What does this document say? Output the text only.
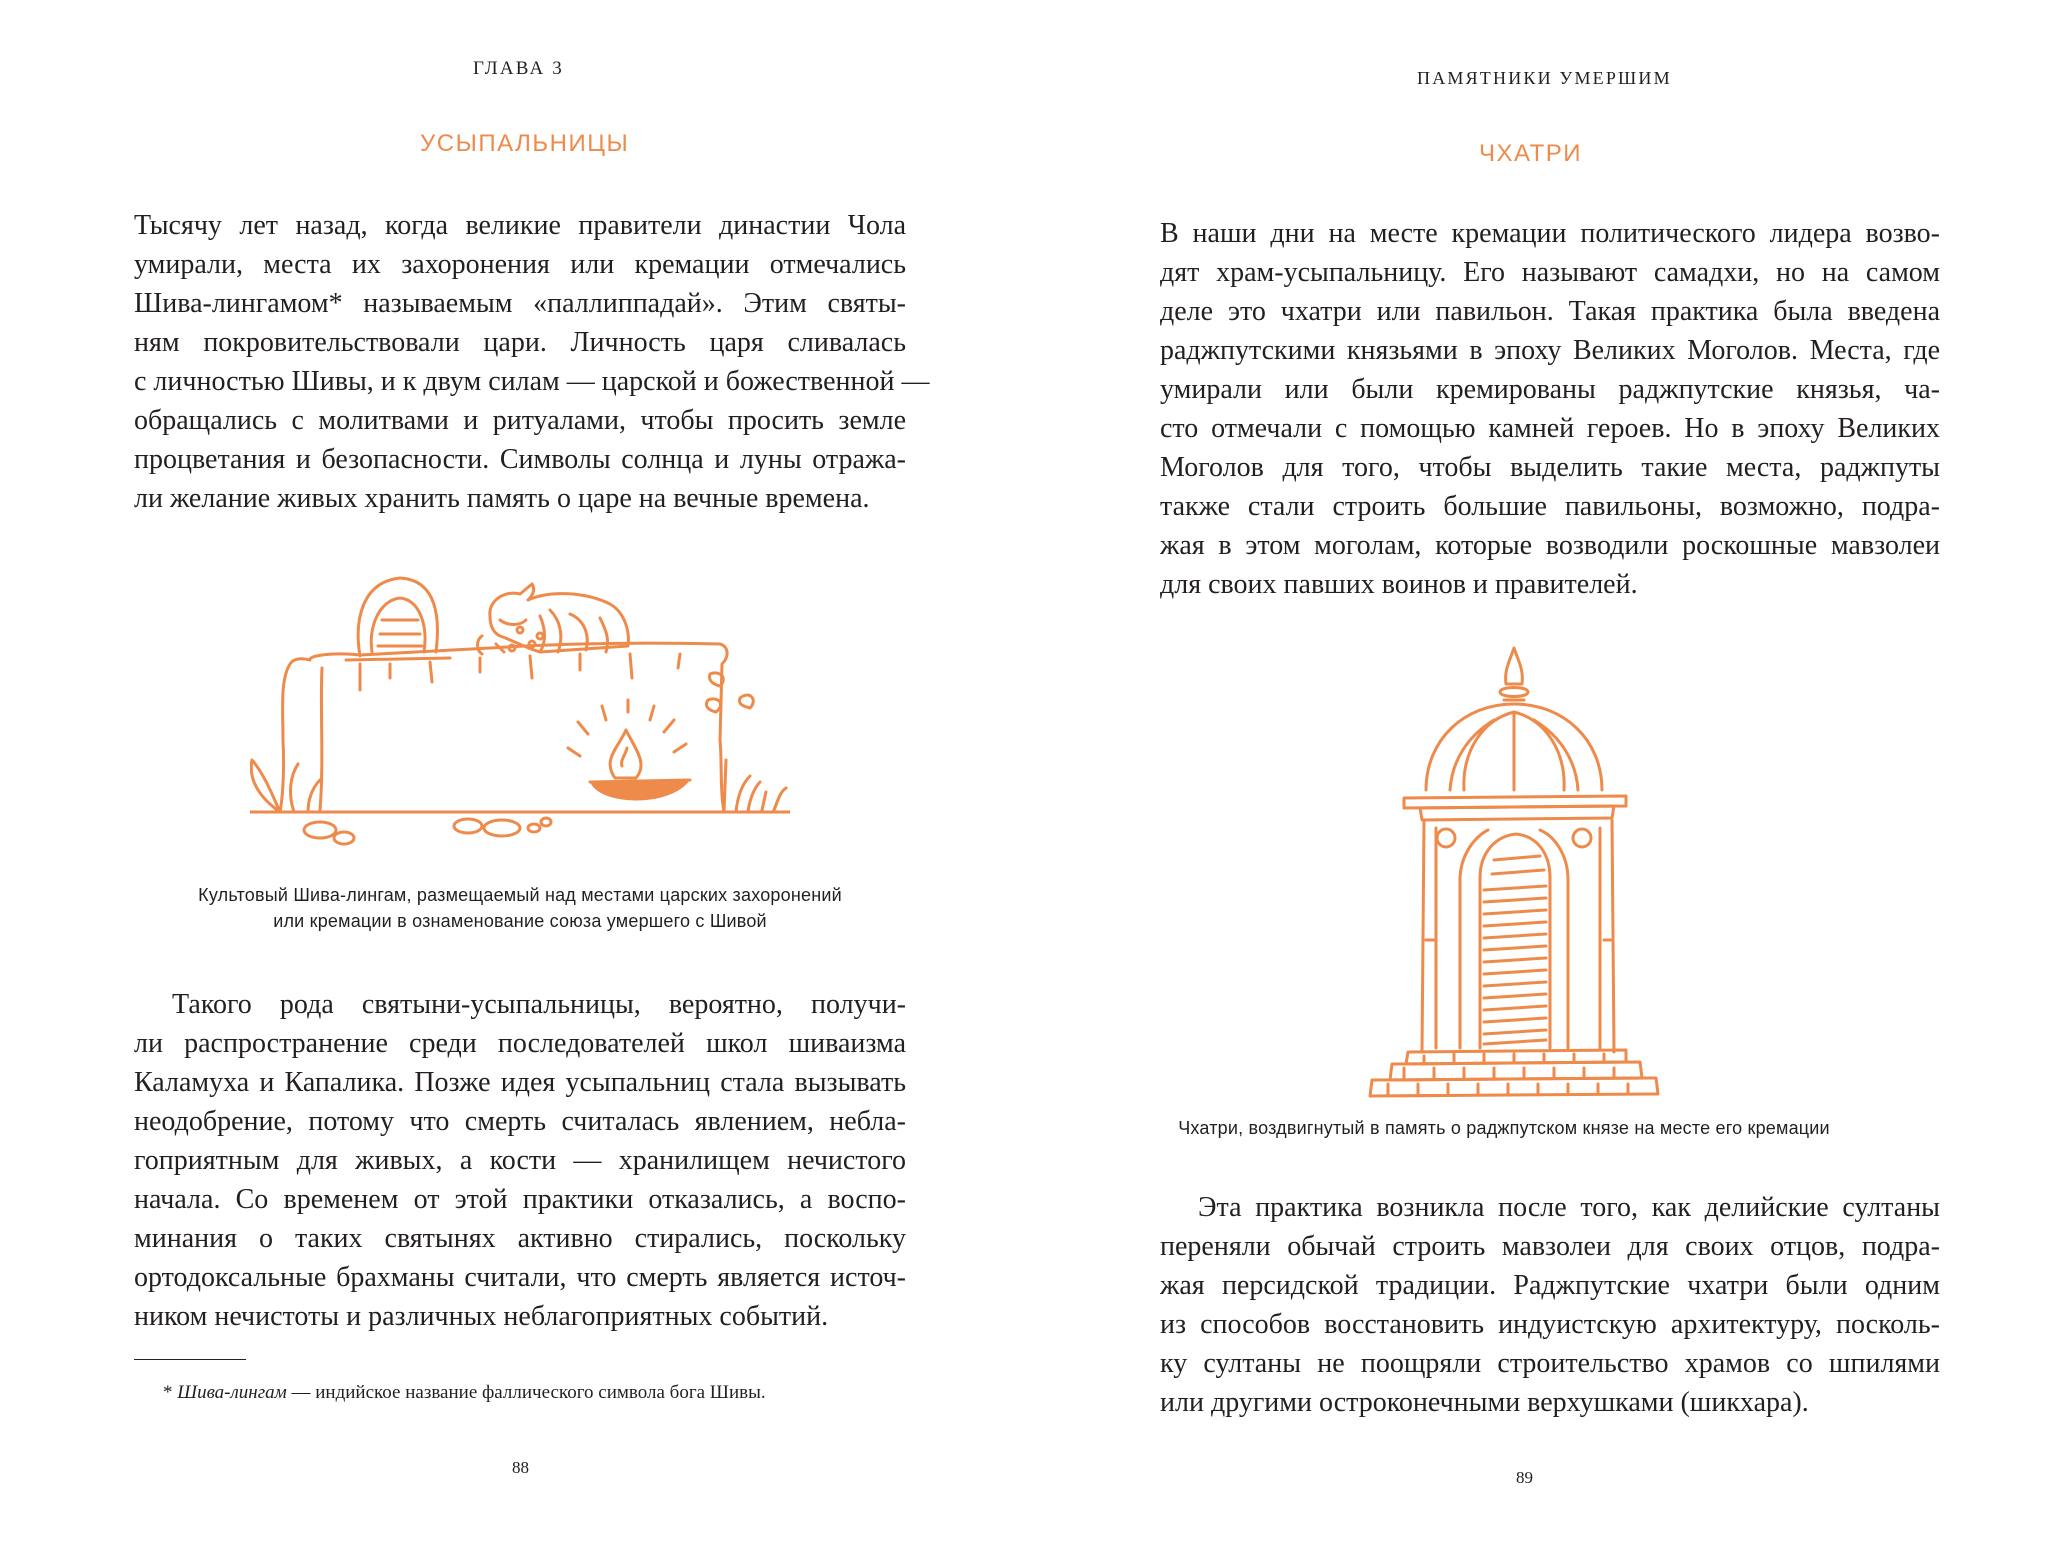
ГЛАВА 3
УСЫПАЛЬНИЦЫ
Тысячу лет назад, когда великие правители династии Чола
умирали, места их захоронения или кремации отмечались
Шива-лингамом* называемым «паллиппадай». Этим святы-
ням покровительствовали цари. Личность царя сливалась
с личностью Шивы, и к двум силам — царской и божественной —
обращались с молитвами и ритуалами, чтобы просить земле
процветания и безопасности. Символы солнца и луны отража-
ли желание живых хранить память о царе на вечные времена.
Культовый Шива-лингам, размещаемый над местами царских захоронений
или кремации в ознаменование союза умершего с Шивой
Такого рода святыни-усыпальницы, вероятно, получи-
ли распространение среди последователей школ шиваизма
Каламуха и Капалика. Позже идея усыпальниц стала вызывать
неодобрение, потому что смерть считалась явлением, небла-
гоприятным для живых, а кости — хранилищем нечистого
начала. Со временем от этой практики отказались, а воспо-
минания о таких святынях активно стирались, поскольку
ортодоксальные брахманы считали, что смерть является источ-
ником нечистоты и различных неблагоприятных событий.
* Шива-лингам — индийское название фаллического символа бога Шивы.
88
ПАМЯТНИКИ УМЕРШИМ
ЧХАТРИ
В наши дни на месте кремации политического лидера возво-
дят храм-усыпальницу. Его называют самадхи, но на самом
деле это чхатри или павильон. Такая практика была введена
раджпутскими князьями в эпоху Великих Моголов. Места, где
умирали или были кремированы раджпутские князья, ча-
сто отмечали с помощью камней героев. Но в эпоху Великих
Моголов для того, чтобы выделить такие места, раджпуты
также стали строить большие павильоны, возможно, подра-
жая в этом моголам, которые возводили роскошные мавзолеи
для своих павших воинов и правителей.
Чхатри, воздвигнутый в память о раджпутском князе на месте его кремации
Эта практика возникла после того, как делийские султаны
переняли обычай строить мавзолеи для своих отцов, подра-
жая персидской традиции. Раджпутские чхатри были одним
из способов восстановить индуистскую архитектуру, посколь-
ку султаны не поощряли строительство храмов со шпилями
или другими остроконечными верхушками (шикхара).
89
